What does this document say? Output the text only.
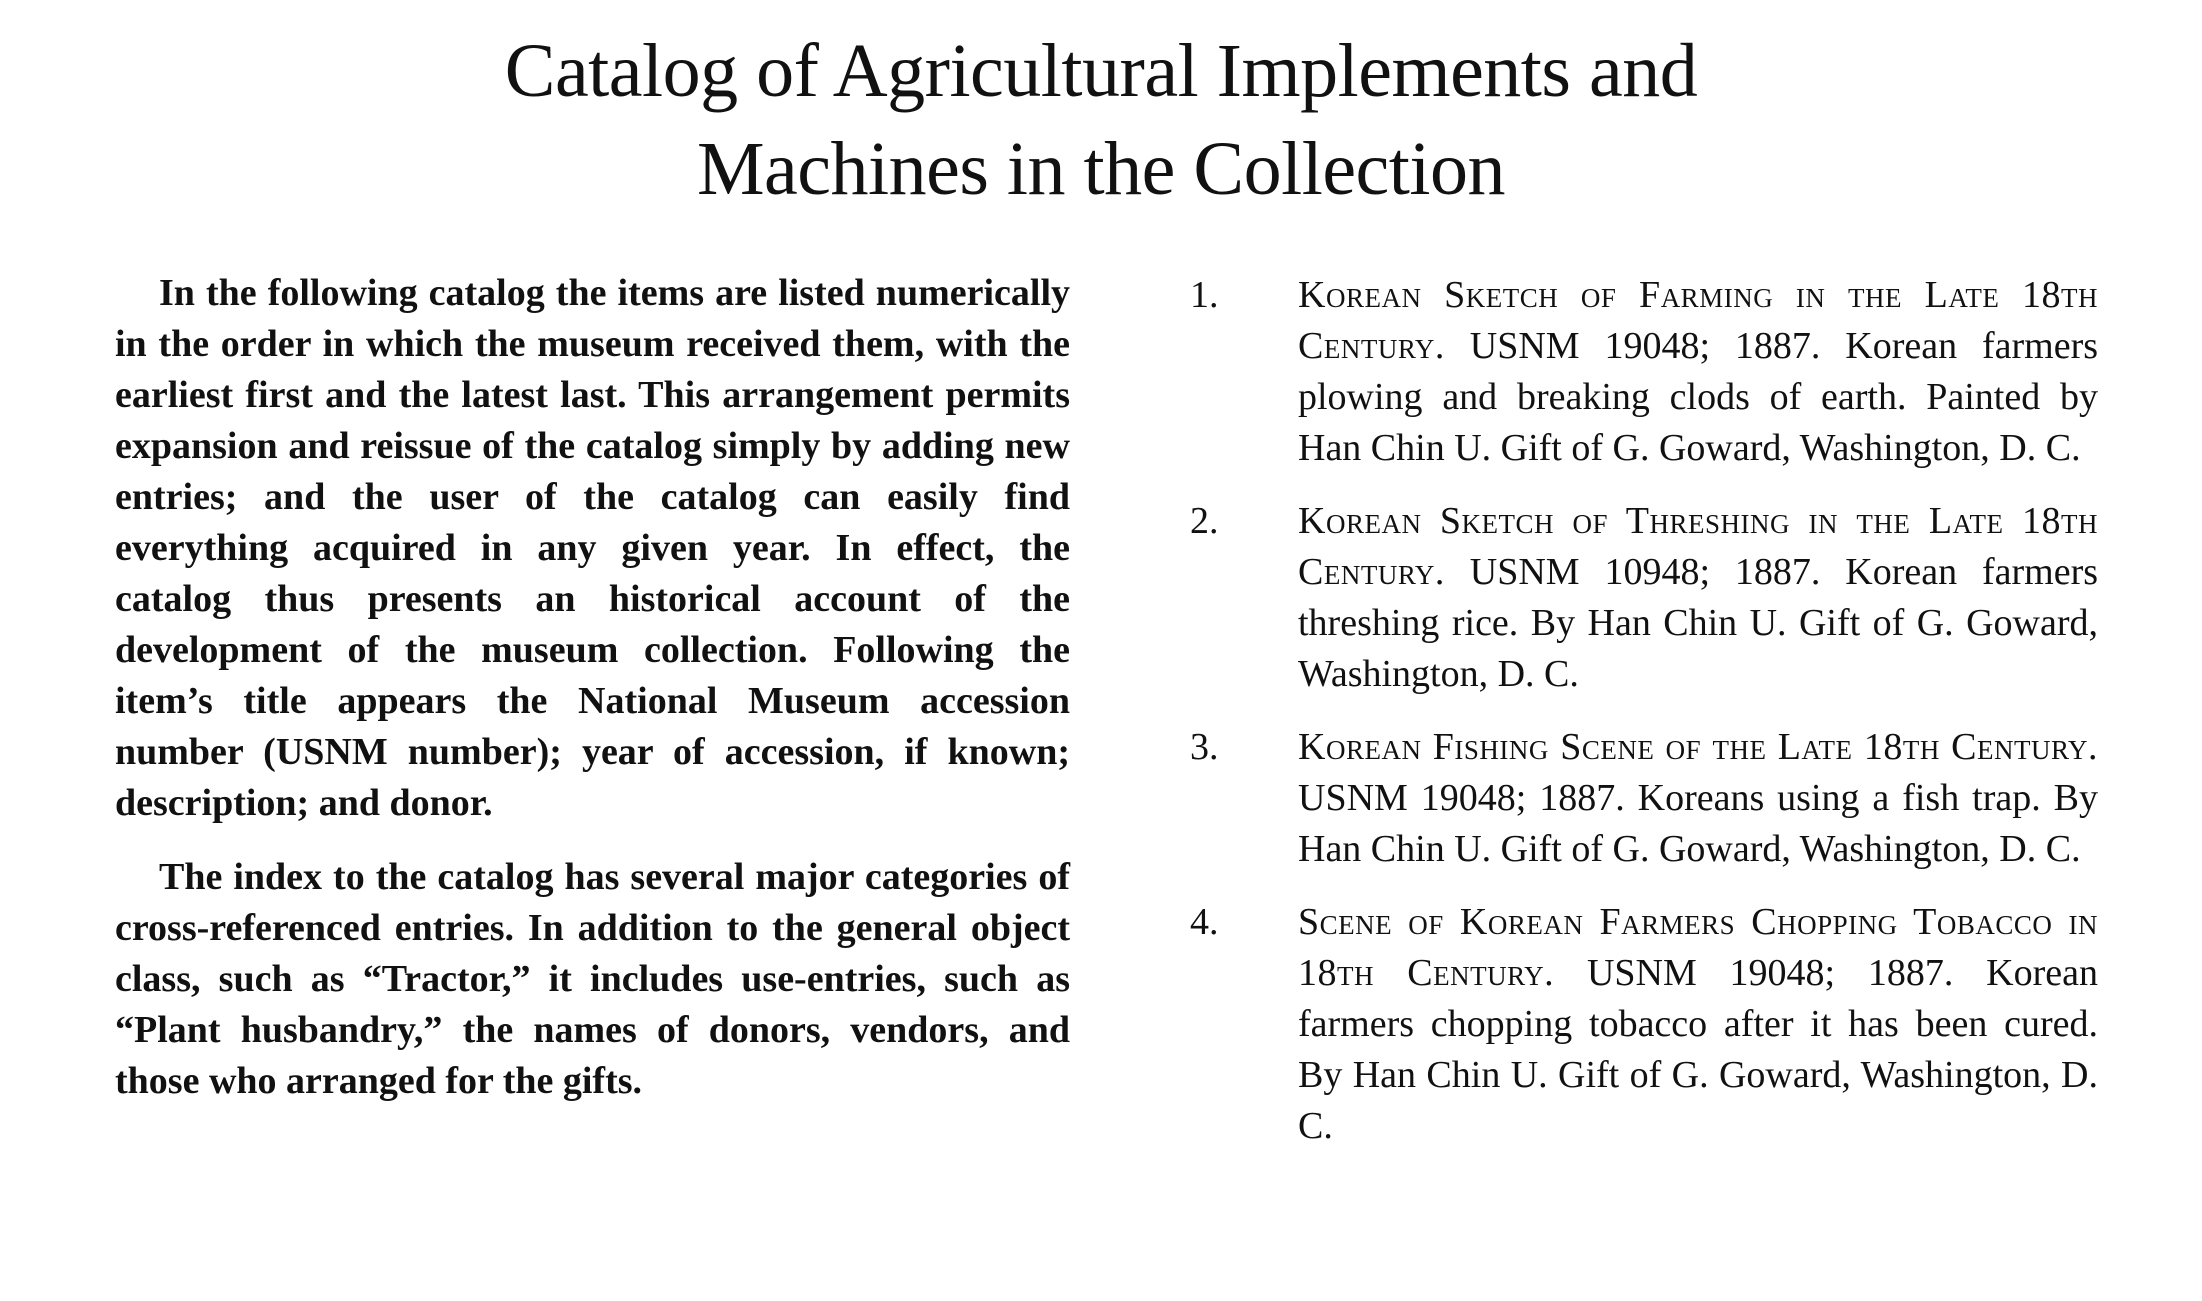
Catalog of Agricultural Implements and
Machines in the Collection

In the following catalog the items are listed numerically in the order in which the museum received them, with the earliest first and the latest last. This arrangement permits expansion and reissue of the catalog simply by adding new entries; and the user of the catalog can easily find everything acquired in any given year. In effect, the catalog thus presents an historical account of the development of the museum collection. Following the item’s title appears the National Museum accession number (USNM number); year of accession, if known; description; and donor.

The index to the catalog has several major categories of cross-referenced entries. In addition to the general object class, such as “Tractor,” it includes use-entries, such as “Plant husbandry,” the names of donors, vendors, and those who arranged for the gifts.

1. Korean Sketch of Farming in the Late 18th Century. USNM 19048; 1887. Korean farmers plowing and breaking clods of earth. Painted by Han Chin U. Gift of G. Goward, Washington, D. C.

2. Korean Sketch of Threshing in the Late 18th Century. USNM 10948; 1887. Korean farmers threshing rice. By Han Chin U. Gift of G. Goward, Washington, D. C.

3. Korean Fishing Scene of the Late 18th Century. USNM 19048; 1887. Koreans using a fish trap. By Han Chin U. Gift of G. Goward, Washington, D. C.

4. Scene of Korean Farmers Chopping Tobacco in 18th Century. USNM 19048; 1887. Korean farmers chopping tobacco after it has been cured. By Han Chin U. Gift of G. Goward, Washington, D. C.
